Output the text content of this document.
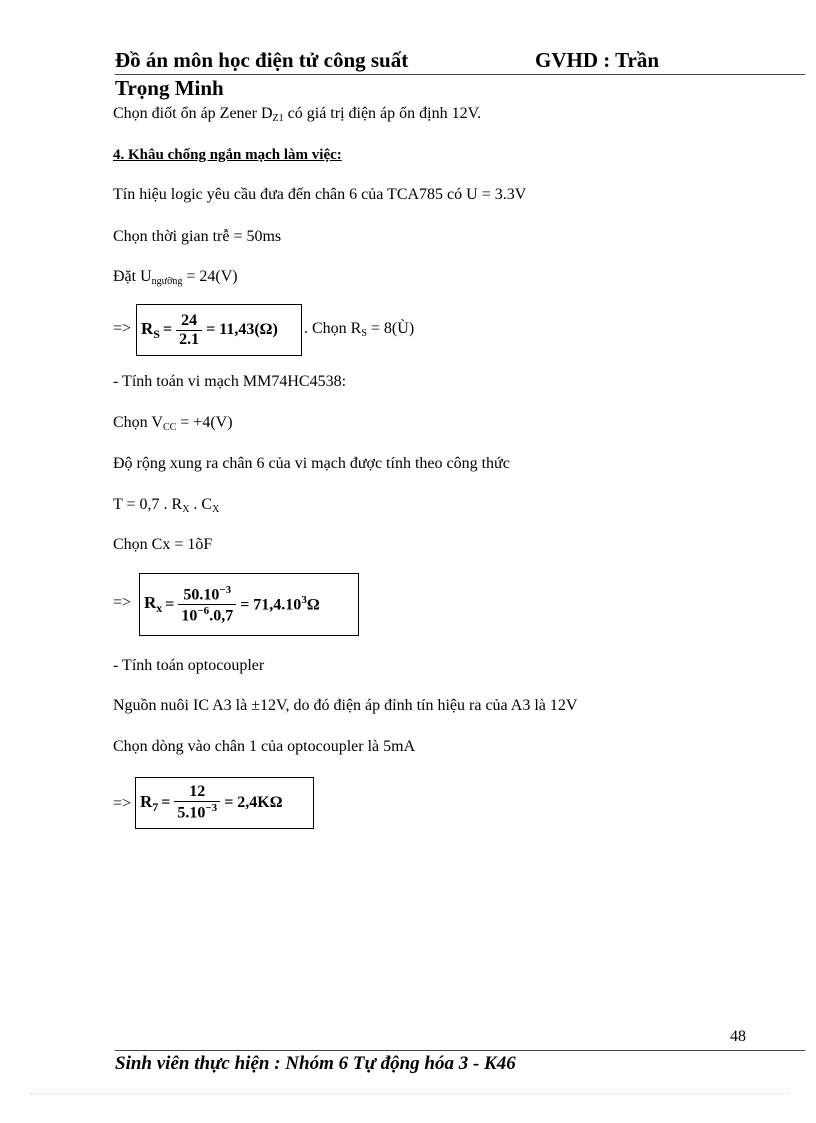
Đồ án môn học điện tử công suất	GVHD : Trần
Trọng Minh
Chọn điốt ổn áp Zener $D_{Z1}$ có giá trị điện áp ổn định 12V.
4. Khâu chống ngắn mạch làm việc:
Tín hiệu logic yêu cầu đưa đến chân 6 của TCA785 có U = 3.3V
Chọn thời gian trễ = 50ms
Đặt $U_{ngưỡng} = 24(V)$
=> $R_S = \frac{24}{2.1} = 11,43(\Omega)$ . Chọn $R_S$ = 8(Ù)
- Tính toán vi mạch MM74HC4538:
Chọn $V_{CC} = +4(V)$
Độ rộng xung ra chân 6 của vi mạch được tính theo công thức
T = 0,7 . $R_X$ . $C_X$
Chọn Cx = 1õF
=> $R_x = \frac{50.10^{-3}}{10^{-6}.0,7} = 71,4.10^3\Omega$
- Tính toán optocoupler
Nguồn nuôi IC A3 là ±12V, do đó điện áp đỉnh tín hiệu ra của A3 là 12V
Chọn dòng vào chân 1 của optocoupler là 5mA
=> $R_7 = \frac{12}{5.10^{-3}} = 2,4K\Omega$
48
Sinh viên thực hiện : Nhóm 6 Tự động hóa 3 - K46
